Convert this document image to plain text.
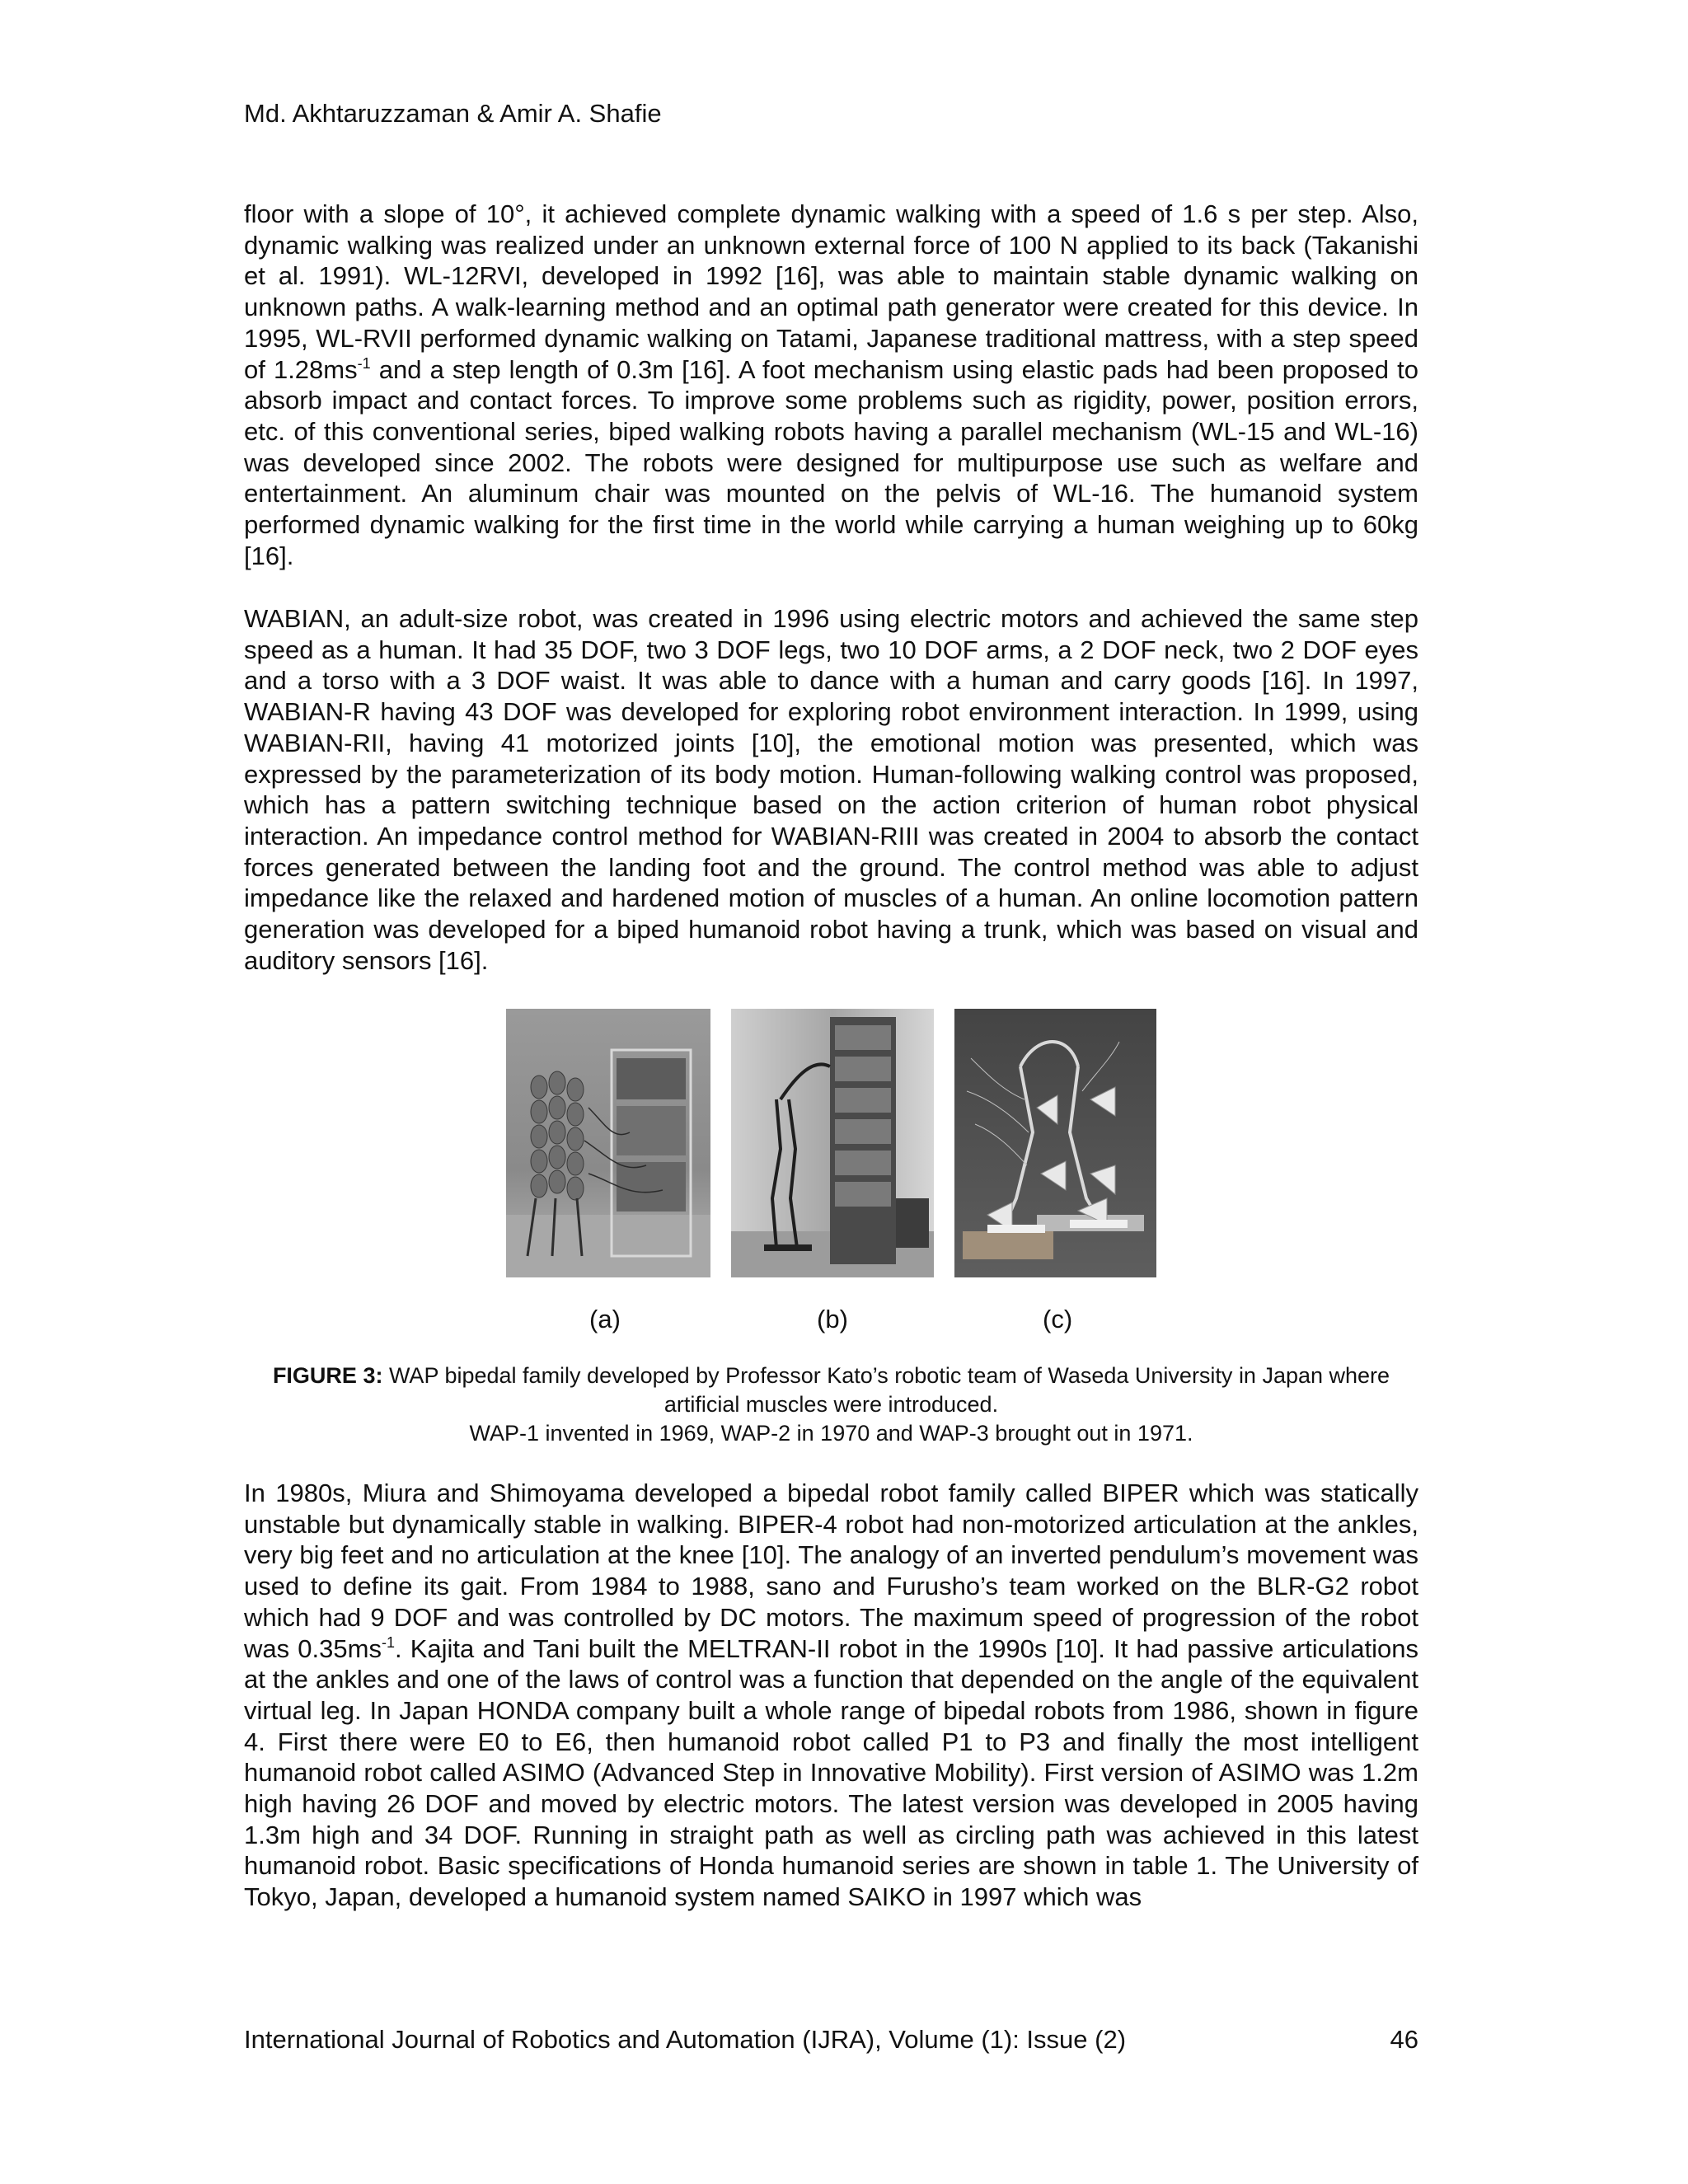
Md. Akhtaruzzaman & Amir A. Shafie
floor with a slope of 10°, it achieved complete dynamic walking with a speed of 1.6 s per step. Also, dynamic walking was realized under an unknown external force of 100 N applied to its back (Takanishi et al. 1991). WL-12RVI, developed in 1992 [16], was able to maintain stable dynamic walking on unknown paths. A walk-learning method and an optimal path generator were created for this device. In 1995, WL-RVII performed dynamic walking on Tatami, Japanese traditional mattress, with a step speed of $1.28ms^{-1}$ and a step length of 0.3m [16]. A foot mechanism using elastic pads had been proposed to absorb impact and contact forces. To improve some problems such as rigidity, power, position errors, etc. of this conventional series, biped walking robots having a parallel mechanism (WL-15 and WL-16) was developed since 2002. The robots were designed for multipurpose use such as welfare and entertainment. An aluminum chair was mounted on the pelvis of WL-16. The humanoid system performed dynamic walking for the first time in the world while carrying a human weighing up to 60kg [16].
WABIAN, an adult-size robot, was created in 1996 using electric motors and achieved the same step speed as a human. It had 35 DOF, two 3 DOF legs, two 10 DOF arms, a 2 DOF neck, two 2 DOF eyes and a torso with a 3 DOF waist. It was able to dance with a human and carry goods [16]. In 1997, WABIAN-R having 43 DOF was developed for exploring robot environment interaction. In 1999, using WABIAN-RII, having 41 motorized joints [10], the emotional motion was presented, which was expressed by the parameterization of its body motion. Human-following walking control was proposed, which has a pattern switching technique based on the action criterion of human robot physical interaction. An impedance control method for WABIAN-RIII was created in 2004 to absorb the contact forces generated between the landing foot and the ground. The control method was able to adjust impedance like the relaxed and hardened motion of muscles of a human. An online locomotion pattern generation was developed for a biped humanoid robot having a trunk, which was based on visual and auditory sensors [16].
(a)	(b)	(c)
FIGURE 3: WAP bipedal family developed by Professor Kato’s robotic team of Waseda University in Japan where artificial muscles were introduced.
WAP-1 invented in 1969, WAP-2 in 1970 and WAP-3 brought out in 1971.
In 1980s, Miura and Shimoyama developed a bipedal robot family called BIPER which was statically unstable but dynamically stable in walking. BIPER-4 robot had non-motorized articulation at the ankles, very big feet and no articulation at the knee [10]. The analogy of an inverted pendulum’s movement was used to define its gait. From 1984 to 1988, sano and Furusho’s team worked on the BLR-G2 robot which had 9 DOF and was controlled by DC motors. The maximum speed of progression of the robot was $0.35ms^{-1}$. Kajita and Tani built the MELTRAN-II robot in the 1990s [10]. It had passive articulations at the ankles and one of the laws of control was a function that depended on the angle of the equivalent virtual leg. In Japan HONDA company built a whole range of bipedal robots from 1986, shown in figure 4. First there were E0 to E6, then humanoid robot called P1 to P3 and finally the most intelligent humanoid robot called ASIMO (Advanced Step in Innovative Mobility). First version of ASIMO was 1.2m high having 26 DOF and moved by electric motors. The latest version was developed in 2005 having 1.3m high and 34 DOF. Running in straight path as well as circling path was achieved in this latest humanoid robot. Basic specifications of Honda humanoid series are shown in table 1. The University of Tokyo, Japan, developed a humanoid system named SAIKO in 1997 which was
International Journal of Robotics and Automation (IJRA), Volume (1): Issue (2)	46
